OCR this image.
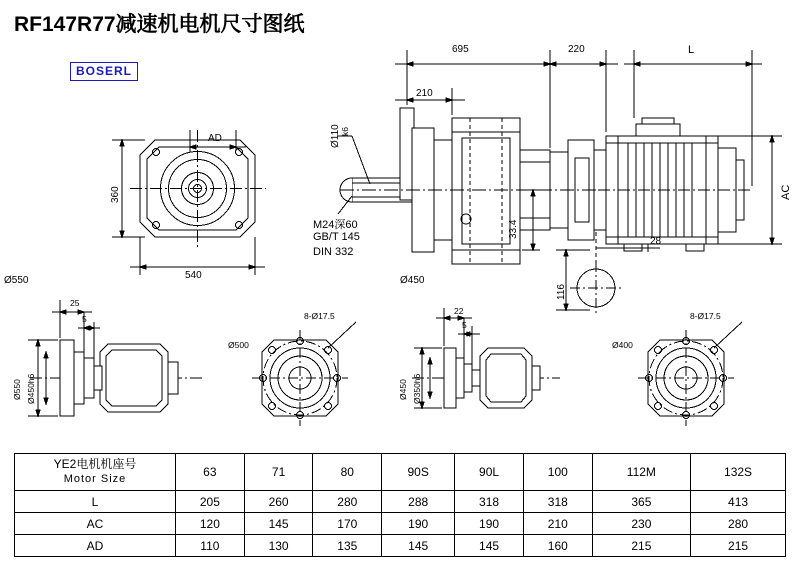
RF147R77减速机电机尺寸图纸
BOSERL
695
210
220	L
Ø110 k6
AD
360
540
AC
33.4
28
116
M24深60
GB/T 145
DIN 332
Ø550	Ø450
25
5
Ø550 Ø450h6
Ø500
8-Ø17.5	22
5
Ø450 Ø350h6
Ø400
8-Ø17.5
YE2电机机座号
Motor Size	63	71	80	90S	90L	100	112M	132S
L	205	260	280	288	318	318	365	413
AC	120	145	170	190	190	210	230	280
AD	110	130	135	145	145	160	215	215
